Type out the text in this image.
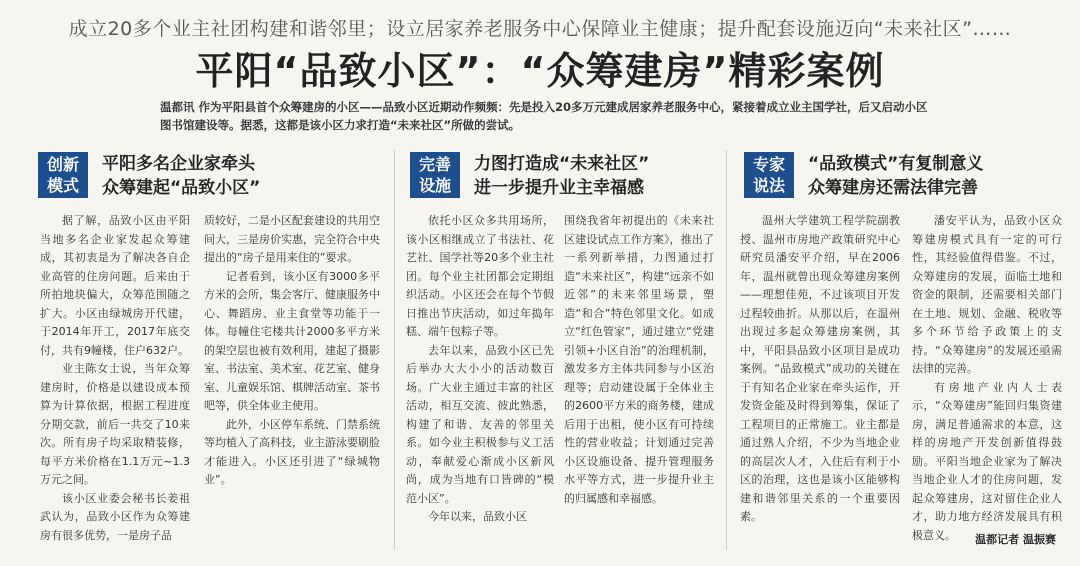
成立20多个业主社团构建和谐邻里；设立居家养老服务中心保障业主健康；提升配套设施迈向“未来社区”……
平阳“品致小区”：“众筹建房”精彩案例
温都讯 作为平阳县首个众筹建房的小区——品致小区近期动作频频：先是投入20多万元建成居家养老服务中心，紧接着成立业主国学社，后又启动小区图书馆建设等。据悉，这都是该小区力求打造“未来社区”所做的尝试。
创新
模式
平阳多名企业家牵头
众筹建起“品致小区”
完善
设施
力图打造成“未来社区”
进一步提升业主幸福感
专家
说法
“品致模式”有复制意义
众筹建房还需法律完善

据了解，品致小区由平阳当地多名企业家发起众筹建成，其初衷是为了解决各自企业高管的住房问题。后来由于所拍地块偏大，众筹范围随之扩大。小区由绿城房开代建，于2014年开工，2017年底交付，共有9幢楼，住户632户。

业主陈女士说，当年众筹建房时，价格是以建设成本预算为计算依据，根据工程进度分期交款，前后一共交了10来次。所有房子均采取精装修，每平方米价格在1.1万元~1.3万元之间。

该小区业委会秘书长姜祖武认为，品致小区作为众筹建房有很多优势，一是房子品

质较好，二是小区配套建设的共用空间大，三是房价实惠，完全符合中央提出的“房子是用来住的”要求。

记者看到，该小区有3000多平方米的会所，集会客厅、健康服务中心、舞蹈房、业主食堂等功能于一体。每幢住宅楼共计2000多平方米的架空层也被有效利用，建起了摄影室、书法室、美术室、花艺室、健身室、儿童娱乐馆、棋牌活动室、茶书吧等，供全体业主使用。

此外，小区停车系统、门禁系统等均植入了高科技，业主游泳要刷脸才能进入。小区还引进了“绿城物业”。

依托小区众多共用场所，该小区相继成立了书法社、花艺社、国学社等20多个业主社团。每个业主社团都会定期组织活动。小区还会在每个节假日推出节庆活动，如过年捣年糕、端午包粽子等。

去年以来，品致小区已先后举办大大小小的活动数百场。广大业主通过丰富的社区活动，相互交流、彼此熟悉，构建了和谐、友善的邻里关系。如今业主积极参与义工活动，奉献爱心渐成小区新风尚，成为当地有口皆碑的“模范小区”。

今年以来，品致小区

围绕我省年初提出的《未来社区建设试点工作方案》，推出了一系列新举措，力图通过打造“未来社区”，构建“远亲不如近邻”的未来邻里场景，塑造“和合”特色邻里文化。如成立“红色管家”，通过建立“党建引领+小区自治”的治理机制，激发多方主体共同参与小区治理等；启动建设属于全体业主的2600平方米的商务楼，建成后用于出租，使小区有可持续性的营业收益；计划通过完善小区设施设备、提升管理服务水平等方式，进一步提升业主的归属感和幸福感。

温州大学建筑工程学院副教授、温州市房地产政策研究中心研究员潘安平介绍，早在2006年，温州就曾出现众筹建房案例——理想佳苑，不过该项目开发过程较曲折。从那以后，在温州出现过多起众筹建房案例，其中，平阳县品致小区项目是成功案例。“品致模式”成功的关键在于有知名企业家在牵头运作，开发资金能及时得到筹集，保证了工程项目的正常施工。业主都是通过熟人介绍，不少为当地企业的高层次人才，入住后有利于小区的治理，这也是该小区能够构建和谐邻里关系的一个重要因素。

潘安平认为，品致小区众筹建房模式具有一定的可行性，其经验值得借鉴。不过，众筹建房的发展，面临土地和资金的限制，还需要相关部门在土地、规划、金融、税收等多个环节给予政策上的支持。“众筹建房”的发展还亟需法律的完善。

有房地产业内人士表示，“众筹建房”能回归集资建房，满足普通需求的本意，这样的房地产开发创新值得鼓励。平阳当地企业家为了解决当地企业人才的住房问题，发起众筹建房，这对留住企业人才，助力地方经济发展具有积极意义。	温都记者 温振赛
